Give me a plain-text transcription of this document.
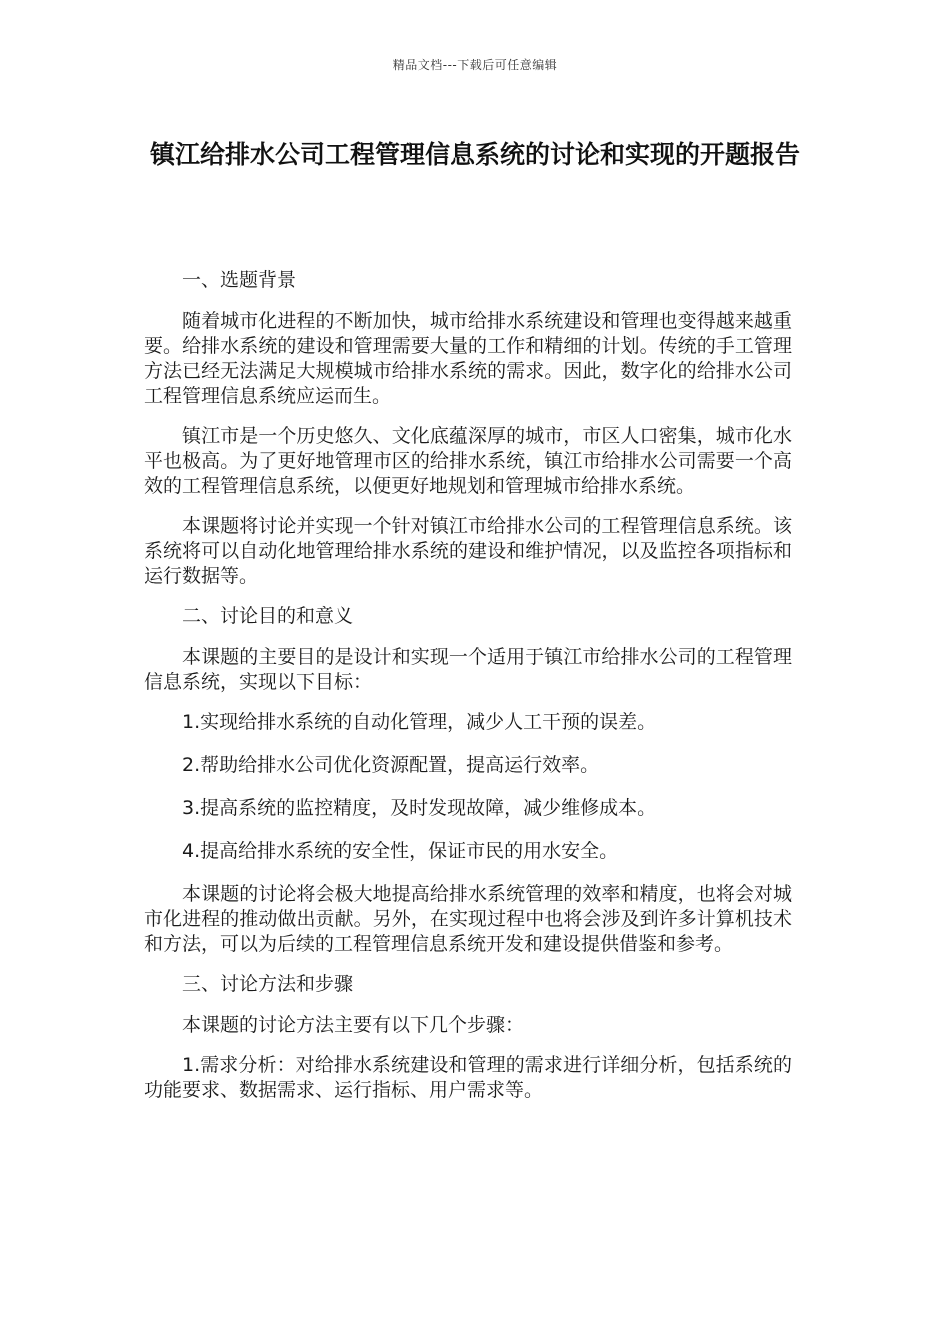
精品文档---下载后可任意编辑
镇江给排水公司工程管理信息系统的讨论和实现的开题报告

一、选题背景

随着城市化进程的不断加快，城市给排水系统建设和管理也变得越来越重要。给排水系统的建设和管理需要大量的工作和精细的计划。传统的手工管理方法已经无法满足大规模城市给排水系统的需求。因此，数字化的给排水公司工程管理信息系统应运而生。

镇江市是一个历史悠久、文化底蕴深厚的城市，市区人口密集，城市化水平也极高。为了更好地管理市区的给排水系统，镇江市给排水公司需要一个高效的工程管理信息系统，以便更好地规划和管理城市给排水系统。

本课题将讨论并实现一个针对镇江市给排水公司的工程管理信息系统。该系统将可以自动化地管理给排水系统的建设和维护情况，以及监控各项指标和运行数据等。

二、讨论目的和意义

本课题的主要目的是设计和实现一个适用于镇江市给排水公司的工程管理信息系统，实现以下目标：

1.实现给排水系统的自动化管理，减少人工干预的误差。

2.帮助给排水公司优化资源配置，提高运行效率。

3.提高系统的监控精度，及时发现故障，减少维修成本。

4.提高给排水系统的安全性，保证市民的用水安全。

本课题的讨论将会极大地提高给排水系统管理的效率和精度，也将会对城市化进程的推动做出贡献。另外，在实现过程中也将会涉及到许多计算机技术和方法，可以为后续的工程管理信息系统开发和建设提供借鉴和参考。

三、讨论方法和步骤

本课题的讨论方法主要有以下几个步骤：

1.需求分析：对给排水系统建设和管理的需求进行详细分析，包括系统的功能要求、数据需求、运行指标、用户需求等。
